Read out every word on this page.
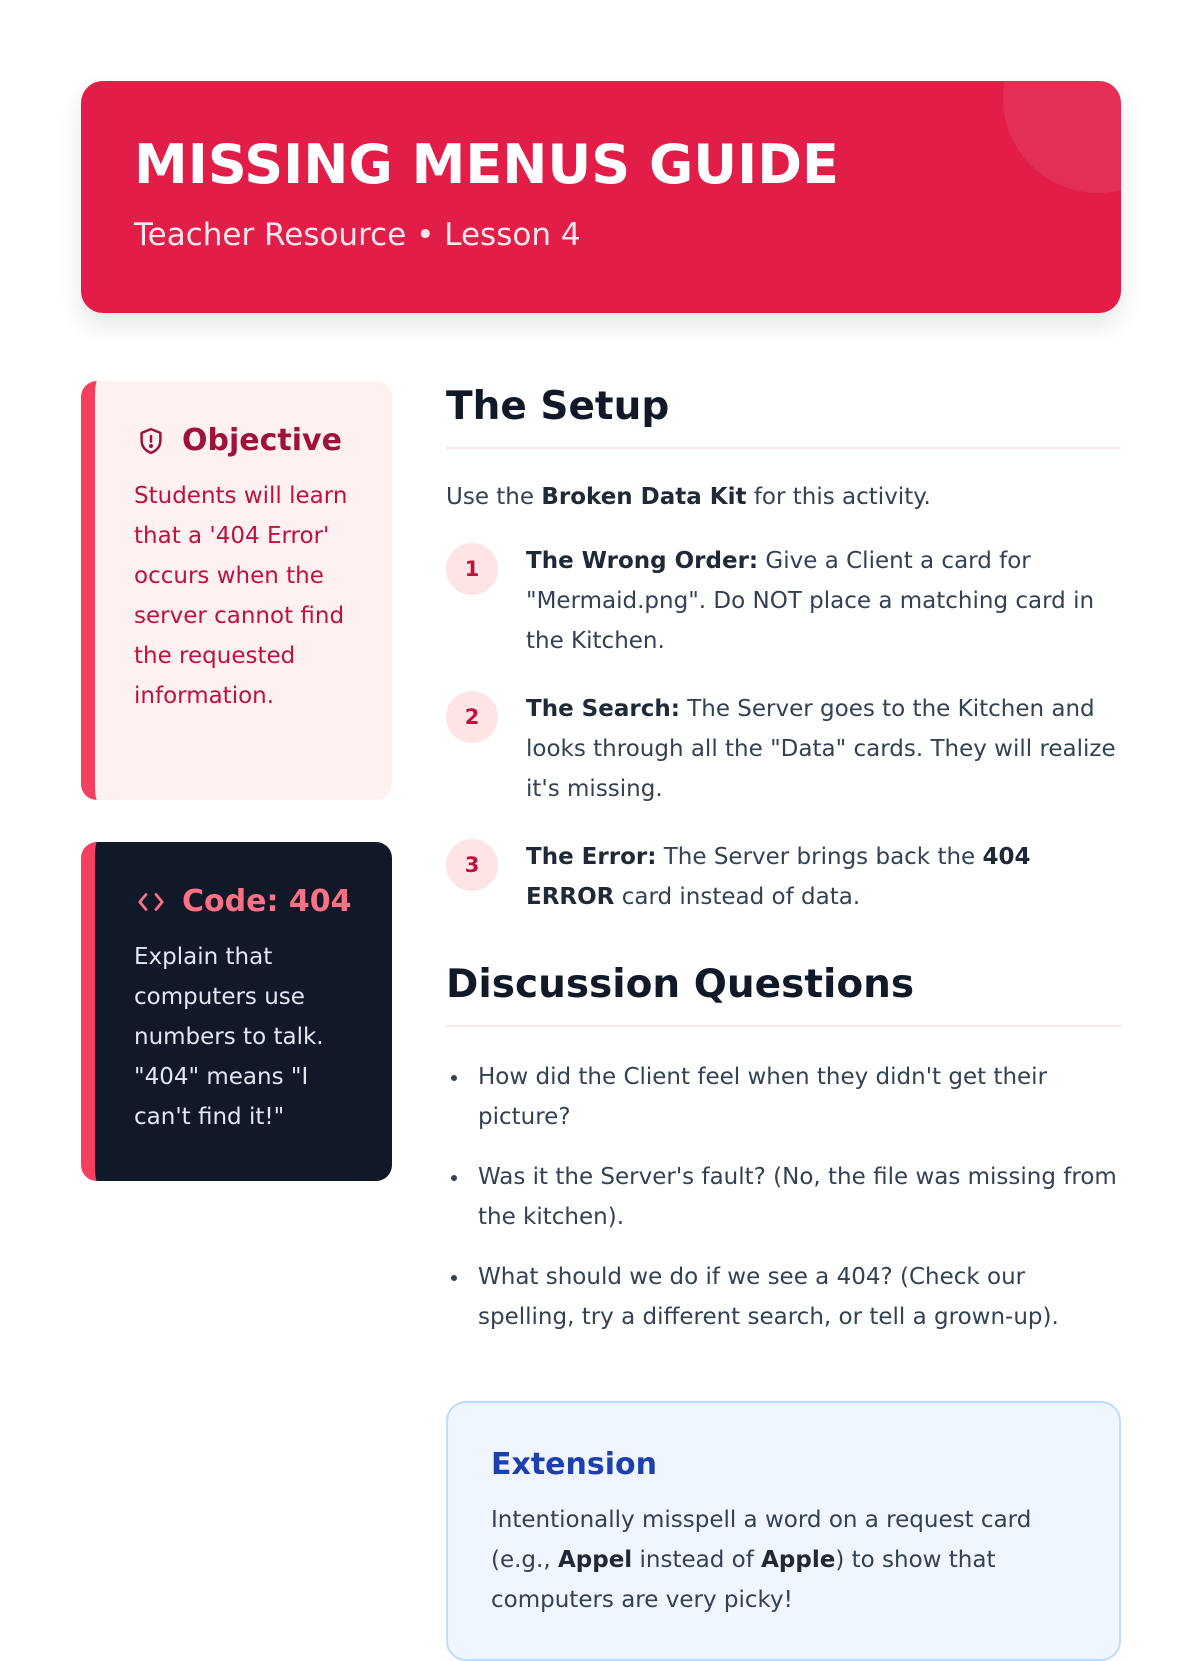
MISSING MENUS GUIDE
Teacher Resource • Lesson 4
Objective
Students will learn that a '404 Error' occurs when the server cannot find the requested information.
Code: 404
Explain that computers use numbers to talk. "404" means "I can't find it!"
The Setup
Use the Broken Data Kit for this activity.
1	The Wrong Order: Give a Client a card for "Mermaid.png". Do NOT place a matching card in the Kitchen.
2	The Search: The Server goes to the Kitchen and looks through all the "Data" cards. They will realize it's missing.
3	The Error: The Server brings back the 404 ERROR card instead of data.
Discussion Questions
How did the Client feel when they didn't get their picture?
Was it the Server's fault? (No, the file was missing from the kitchen).
What should we do if we see a 404? (Check our spelling, try a different search, or tell a grown-up).
Extension
Intentionally misspell a word on a request card (e.g., Appel instead of Apple) to show that computers are very picky!
